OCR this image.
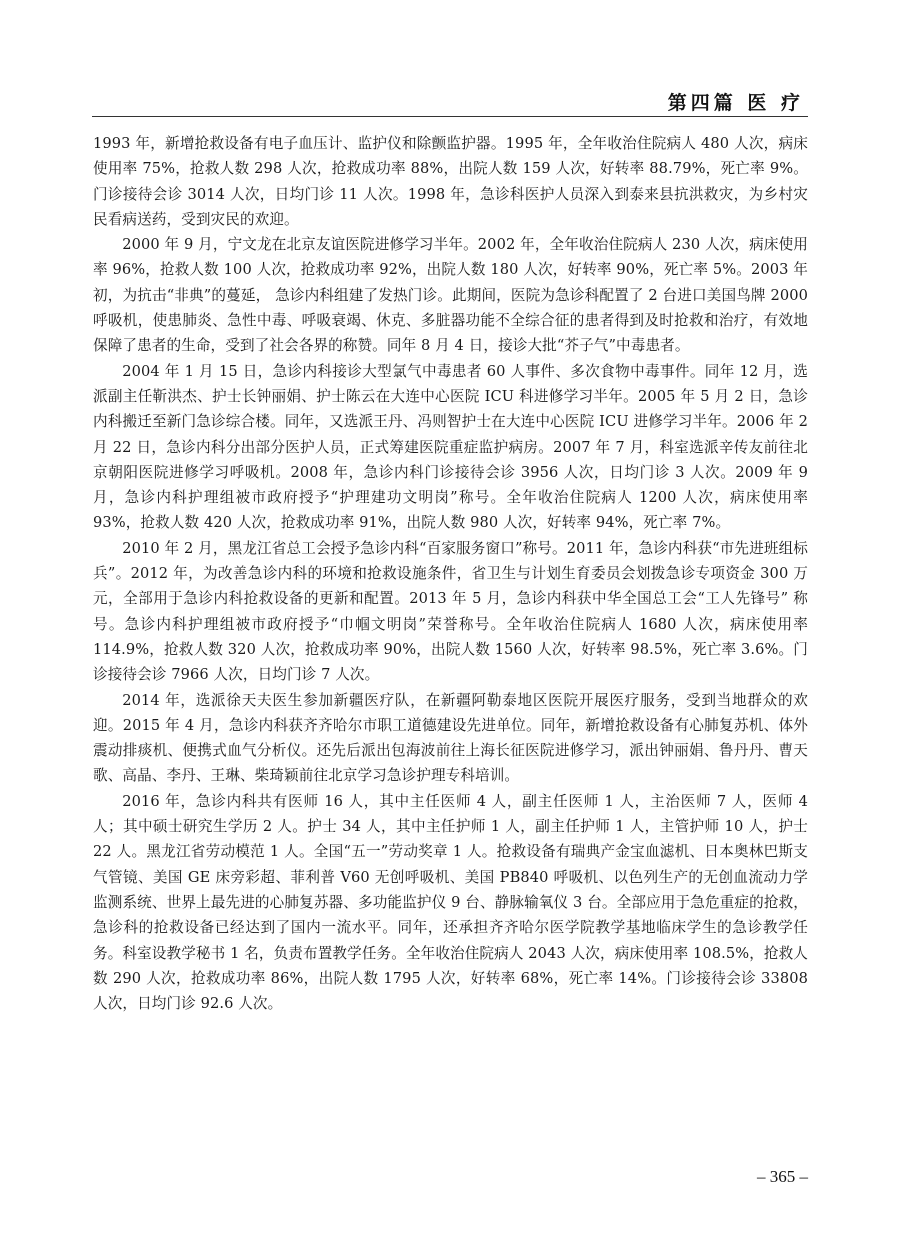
第四篇 医 疗

1993 年，新增抢救设备有电子血压计、监护仪和除颤监护器。1995 年，全年收治住院病人 480 人次，病床使用率 75%，抢救人数 298 人次，抢救成功率 88%，出院人数 159 人次，好转率 88.79%，死亡率 9%。门诊接待会诊 3014 人次，日均门诊 11 人次。1998 年，急诊科医护人员深入到泰来县抗洪救灾，为乡村灾民看病送药，受到灾民的欢迎。

2000 年 9 月，宁文龙在北京友谊医院进修学习半年。2002 年，全年收治住院病人 230 人次，病床使用率 96%，抢救人数 100 人次，抢救成功率 92%，出院人数 180 人次，好转率 90%，死亡率 5%。2003 年初，为抗击“非典”的蔓延， 急诊内科组建了发热门诊。此期间，医院为急诊科配置了 2 台进口美国鸟牌 2000 呼吸机，使患肺炎、急性中毒、呼吸衰竭、休克、多脏器功能不全综合征的患者得到及时抢救和治疗，有效地保障了患者的生命，受到了社会各界的称赞。同年 8 月 4 日，接诊大批“芥子气”中毒患者。

2004 年 1 月 15 日，急诊内科接诊大型氯气中毒患者 60 人事件、多次食物中毒事件。同年 12 月，选派副主任靳洪杰、护士长钟丽娟、护士陈云在大连中心医院 ICU 科进修学习半年。2005 年 5 月 2 日，急诊内科搬迁至新门急诊综合楼。同年，又选派王丹、冯则智护士在大连中心医院 ICU 进修学习半年。2006 年 2 月 22 日，急诊内科分出部分医护人员，正式筹建医院重症监护病房。2007 年 7 月，科室选派辛传友前往北京朝阳医院进修学习呼吸机。2008 年，急诊内科门诊接待会诊 3956 人次，日均门诊 3 人次。2009 年 9 月，急诊内科护理组被市政府授予“护理建功文明岗”称号。全年收治住院病人 1200 人次，病床使用率 93%，抢救人数 420 人次，抢救成功率 91%，出院人数 980 人次，好转率 94%，死亡率 7%。

2010 年 2 月，黑龙江省总工会授予急诊内科“百家服务窗口”称号。2011 年，急诊内科获“市先进班组标兵”。2012 年，为改善急诊内科的环境和抢救设施条件，省卫生与计划生育委员会划拨急诊专项资金 300 万元，全部用于急诊内科抢救设备的更新和配置。2013 年 5 月，急诊内科获中华全国总工会“工人先锋号” 称号。急诊内科护理组被市政府授予“巾帼文明岗”荣誉称号。全年收治住院病人 1680 人次，病床使用率 114.9%，抢救人数 320 人次，抢救成功率 90%，出院人数 1560 人次，好转率 98.5%，死亡率 3.6%。门诊接待会诊 7966 人次，日均门诊 7 人次。

2014 年，选派徐天夫医生参加新疆医疗队，在新疆阿勒泰地区医院开展医疗服务，受到当地群众的欢迎。2015 年 4 月，急诊内科获齐齐哈尔市职工道德建设先进单位。同年，新增抢救设备有心肺复苏机、体外震动排痰机、便携式血气分析仪。还先后派出包海波前往上海长征医院进修学习，派出钟丽娟、鲁丹丹、曹天歌、高晶、李丹、王琳、柴琦颖前往北京学习急诊护理专科培训。

2016 年，急诊内科共有医师 16 人，其中主任医师 4 人，副主任医师 1 人，主治医师 7 人，医师 4 人；其中硕士研究生学历 2 人。护士 34 人，其中主任护师 1 人，副主任护师 1 人，主管护师 10 人，护士 22 人。黑龙江省劳动模范 1 人。全国“五一”劳动奖章 1 人。抢救设备有瑞典产金宝血滤机、日本奥林巴斯支气管镜、美国 GE 床旁彩超、菲利普 V60 无创呼吸机、美国 PB840 呼吸机、以色列生产的无创血流动力学监测系统、世界上最先进的心肺复苏器、多功能监护仪 9 台、静脉输氧仪 3 台。全部应用于急危重症的抢救，急诊科的抢救设备已经达到了国内一流水平。同年，还承担齐齐哈尔医学院教学基地临床学生的急诊教学任务。科室设教学秘书 1 名，负责布置教学任务。全年收治住院病人 2043 人次，病床使用率 108.5%，抢救人数 290 人次，抢救成功率 86%，出院人数 1795 人次，好转率 68%，死亡率 14%。门诊接待会诊 33808 人次，日均门诊 92.6 人次。

– 365 –
